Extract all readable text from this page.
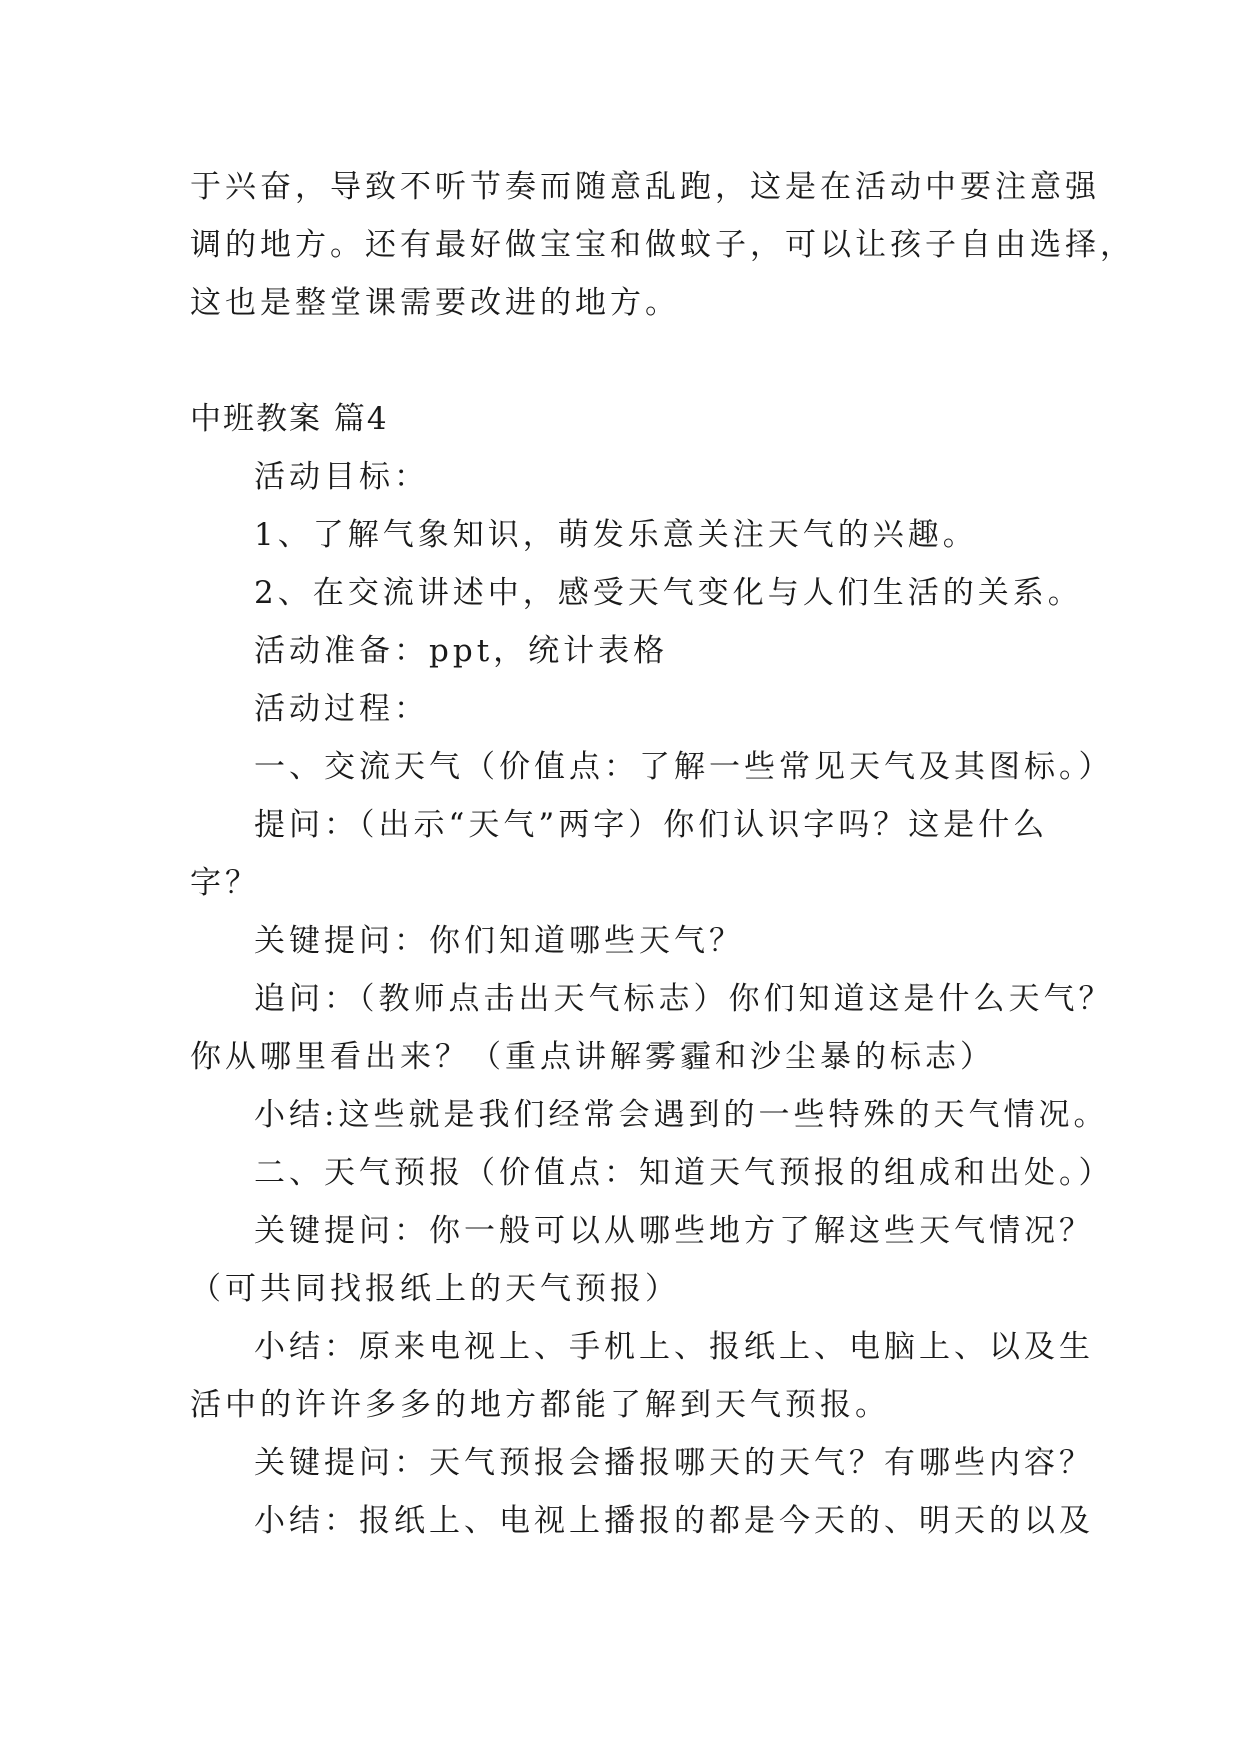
于兴奋，导致不听节奏而随意乱跑，这是在活动中要注意强
调的地方。还有最好做宝宝和做蚊子，可以让孩子自由选择，
这也是整堂课需要改进的地方。
中班教案 篇4
活动目标：
1、了解气象知识，萌发乐意关注天气的兴趣。
2、在交流讲述中，感受天气变化与人们生活的关系。
活动准备：ppt，统计表格
活动过程：
一、交流天气（价值点：了解一些常见天气及其图标。）
提问：（出示“天气”两字）你们认识字吗？这是什么
字？
关键提问：你们知道哪些天气？
追问：（教师点击出天气标志）你们知道这是什么天气？
你从哪里看出来？（重点讲解雾霾和沙尘暴的标志）
小结:这些就是我们经常会遇到的一些特殊的天气情况。
二、天气预报（价值点：知道天气预报的组成和出处。）
关键提问：你一般可以从哪些地方了解这些天气情况？
（可共同找报纸上的天气预报）
小结：原来电视上、手机上、报纸上、电脑上、以及生
活中的许许多多的地方都能了解到天气预报。
关键提问：天气预报会播报哪天的天气？有哪些内容？
小结：报纸上、电视上播报的都是今天的、明天的以及
